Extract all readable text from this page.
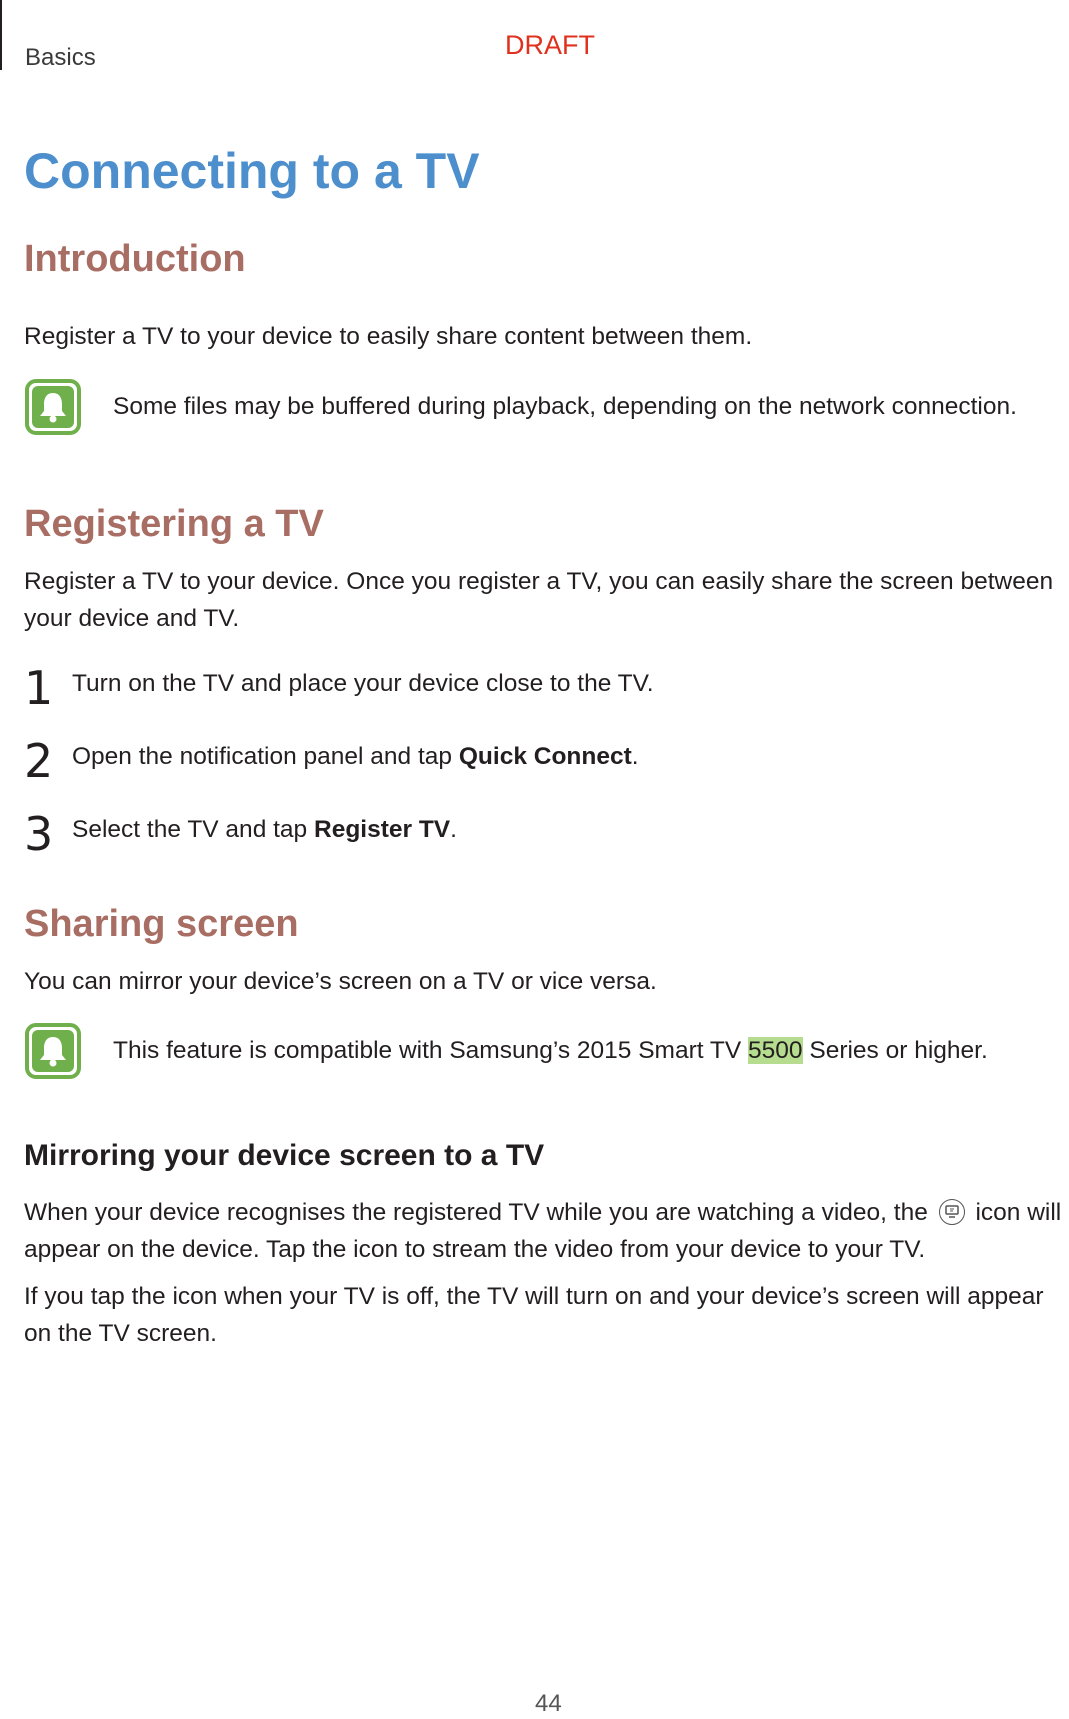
Basics	DRAFT
Connecting to a TV
Introduction

Register a TV to your device to easily share content between them.

Some files may be buffered during playback, depending on the network connection.

Registering a TV

Register a TV to your device. Once you register a TV, you can easily share the screen between your device and TV.

1 Turn on the TV and place your device close to the TV.
2 Open the notification panel and tap Quick Connect.
3 Select the TV and tap Register TV.
Sharing screen

You can mirror your device’s screen on a TV or vice versa.

This feature is compatible with Samsung’s 2015 Smart TV 5500 Series or higher.

Mirroring your device screen to a TV

When your device recognises the registered TV while you are watching a video, the
icon will appear on the device. Tap the icon to stream the video from your device to your TV.

If you tap the icon when your TV is off, the TV will turn on and your device’s screen will appear on the TV screen.

44
